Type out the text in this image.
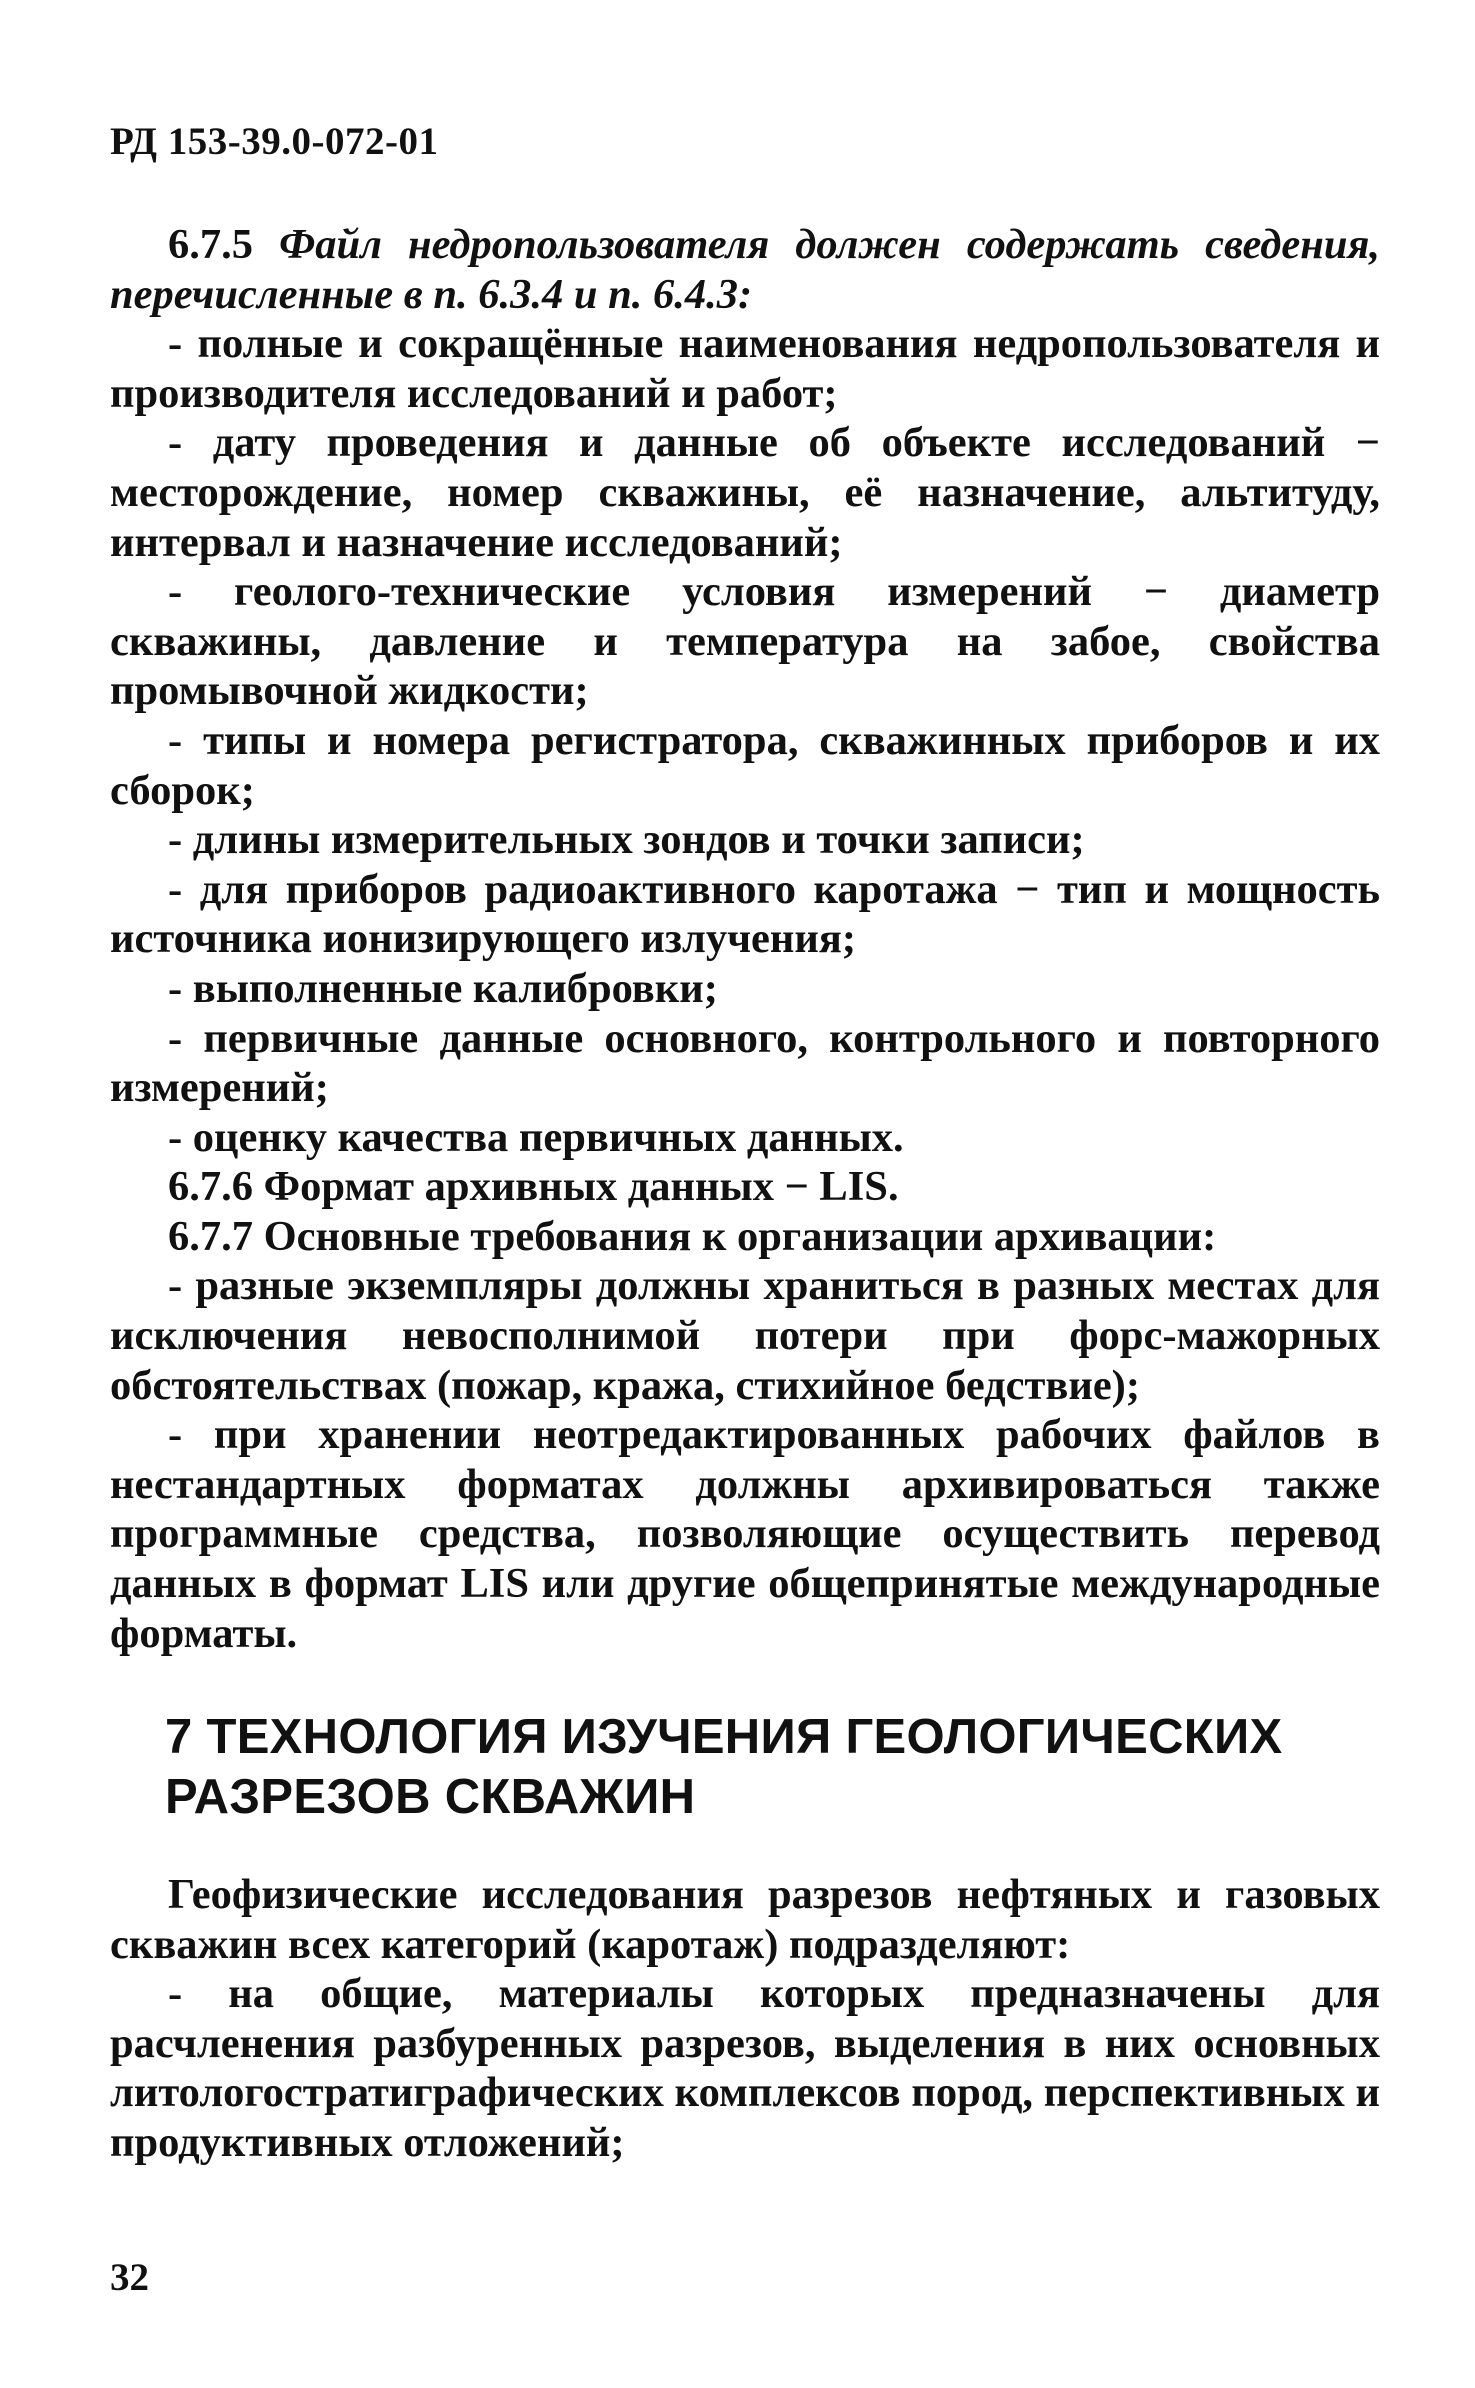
РД 153-39.0-072-01

6.7.5 Файл недропользователя должен содержать сведения, перечисленные в п. 6.3.4 и п. 6.4.3:

- полные и сокращённые наименования недропользователя и производителя исследований и работ;

- дату проведения и данные об объекте исследований − месторождение, номер скважины, её назначение, альтитуду, интервал и назначение исследований;

- геолого-технические условия измерений − диаметр скважины, давление и температура на забое, свойства промывочной жидкости;

- типы и номера регистратора, скважинных приборов и их сборок;

- длины измерительных зондов и точки записи;

- для приборов радиоактивного каротажа − тип и мощность источника ионизирующего излучения;

- выполненные калибровки;

- первичные данные основного, контрольного и повторного измерений;

- оценку качества первичных данных.

6.7.6 Формат архивных данных − LIS.

6.7.7 Основные требования к организации архивации:

- разные экземпляры должны храниться в разных местах для исключения невосполнимой потери при форс-мажорных обстоятельствах (пожар, кража, стихийное бедствие);

- при хранении неотредактированных рабочих файлов в нестандартных форматах должны архивироваться также программные средства, позволяющие осуществить перевод данных в формат LIS или другие общепринятые международные форматы.

7 ТЕХНОЛОГИЯ ИЗУЧЕНИЯ ГЕОЛОГИЧЕСКИХ
РАЗРЕЗОВ СКВАЖИН

Геофизические исследования разрезов нефтяных и газовых скважин всех категорий (каротаж) подразделяют:

- на общие, материалы которых предназначены для расчленения разбуренных разрезов, выделения в них основных литологостратиграфических комплексов пород, перспективных и продуктивных отложений;

32
